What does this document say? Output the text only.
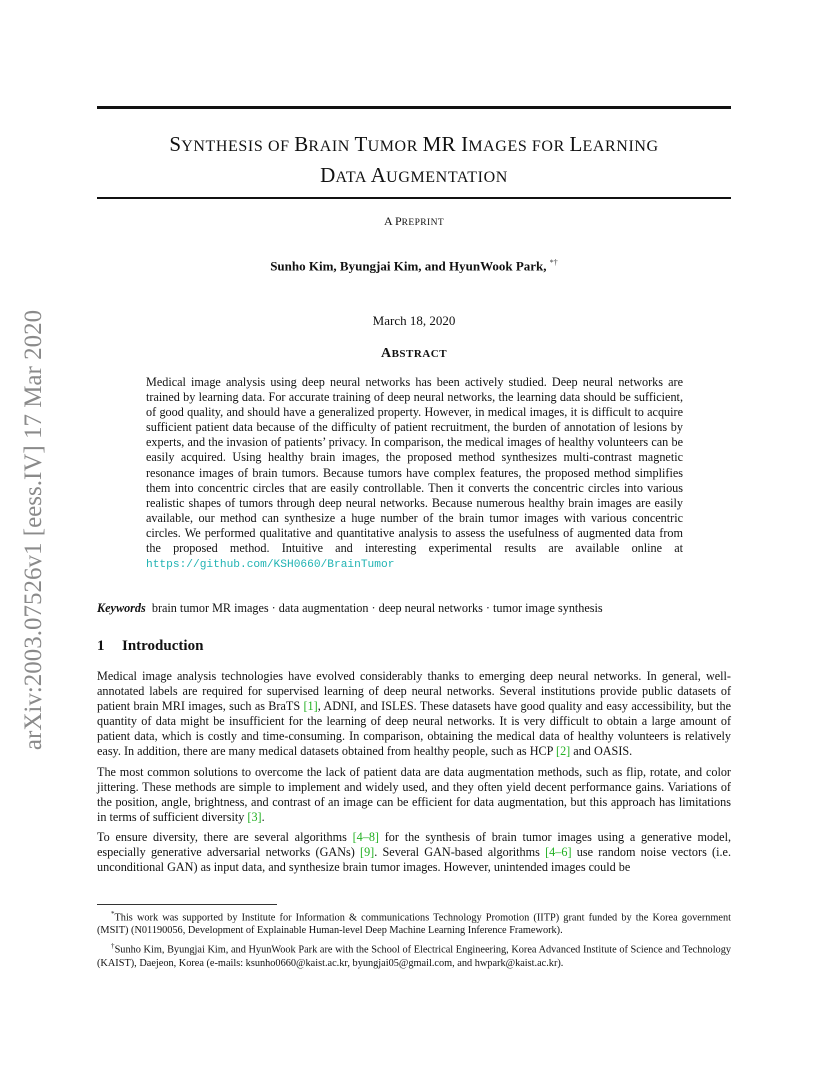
arXiv:2003.07526v1 [eess.IV] 17 Mar 2020
SYNTHESIS OF BRAIN TUMOR MR IMAGES FOR LEARNING
DATA AUGMENTATION
A PREPRINT
Sunho Kim, Byungjai Kim, and HyunWook Park, *†
March 18, 2020
ABSTRACT
Medical image analysis using deep neural networks has been actively studied. Deep neural networks are trained by learning data. For accurate training of deep neural networks, the learning data should be sufficient, of good quality, and should have a generalized property. However, in medical images, it is difficult to acquire sufficient patient data because of the difficulty of patient recruitment, the burden of annotation of lesions by experts, and the invasion of patients’ privacy. In comparison, the medical images of healthy volunteers can be easily acquired. Using healthy brain images, the proposed method synthesizes multi-contrast magnetic resonance images of brain tumors. Because tumors have complex features, the proposed method simplifies them into concentric circles that are easily controllable. Then it converts the concentric circles into various realistic shapes of tumors through deep neural networks. Because numerous healthy brain images are easily available, our method can synthesize a huge number of the brain tumor images with various concentric circles. We performed qualitative and quantitative analysis to assess the usefulness of augmented data from the proposed method. Intuitive and interesting experimental results are available online at https://github.com/KSH0660/BrainTumor
Keywords brain tumor MR images · data augmentation · deep neural networks · tumor image synthesis
1 Introduction

Medical image analysis technologies have evolved considerably thanks to emerging deep neural networks. In general, well-annotated labels are required for supervised learning of deep neural networks. Several institutions provide public datasets of patient brain MRI images, such as BraTS [1], ADNI, and ISLES. These datasets have good quality and easy accessibility, but the quantity of data might be insufficient for the learning of deep neural networks. It is very difficult to obtain a large amount of patient data, which is costly and time-consuming. In comparison, obtaining the medical data of healthy volunteers is relatively easy. In addition, there are many medical datasets obtained from healthy people, such as HCP [2] and OASIS.

The most common solutions to overcome the lack of patient data are data augmentation methods, such as flip, rotate, and color jittering. These methods are simple to implement and widely used, and they often yield decent performance gains. Variations of the position, angle, brightness, and contrast of an image can be efficient for data augmentation, but this approach has limitations in terms of sufficient diversity [3].

To ensure diversity, there are several algorithms [4–8] for the synthesis of brain tumor images using a generative model, especially generative adversarial networks (GANs) [9]. Several GAN-based algorithms [4–6] use random noise vectors (i.e. unconditional GAN) as input data, and synthesize brain tumor images. However, unintended images could be

*This work was supported by Institute for Information & communications Technology Promotion (IITP) grant funded by the Korea government (MSIT) (N01190056, Development of Explainable Human-level Deep Machine Learning Inference Framework).

†Sunho Kim, Byungjai Kim, and HyunWook Park are with the School of Electrical Engineering, Korea Advanced Institute of Science and Technology (KAIST), Daejeon, Korea (e-mails: ksunho0660@kaist.ac.kr, byungjai05@gmail.com, and hwpark@kaist.ac.kr).
